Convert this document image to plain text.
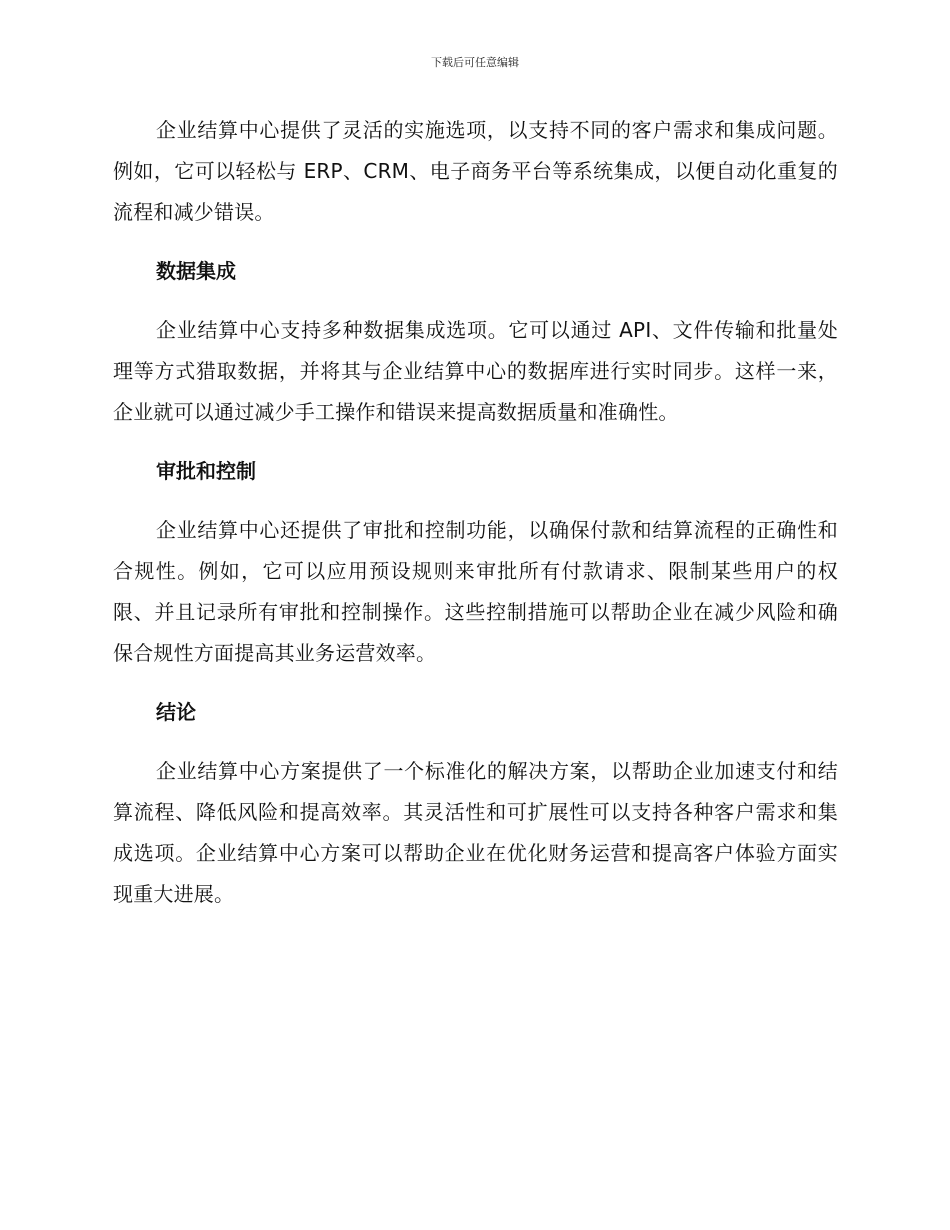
下载后可任意编辑

企业结算中心提供了灵活的实施选项，以支持不同的客户需求和集成问题。例如，它可以轻松与 ERP、CRM、电子商务平台等系统集成，以便自动化重复的流程和减少错误。

数据集成

企业结算中心支持多种数据集成选项。它可以通过 API、文件传输和批量处理等方式猎取数据，并将其与企业结算中心的数据库进行实时同步。这样一来，企业就可以通过减少手工操作和错误来提高数据质量和准确性。

审批和控制

企业结算中心还提供了审批和控制功能，以确保付款和结算流程的正确性和合规性。例如，它可以应用预设规则来审批所有付款请求、限制某些用户的权限、并且记录所有审批和控制操作。这些控制措施可以帮助企业在减少风险和确保合规性方面提高其业务运营效率。

结论

企业结算中心方案提供了一个标准化的解决方案，以帮助企业加速支付和结算流程、降低风险和提高效率。其灵活性和可扩展性可以支持各种客户需求和集成选项。企业结算中心方案可以帮助企业在优化财务运营和提高客户体验方面实现重大进展。
